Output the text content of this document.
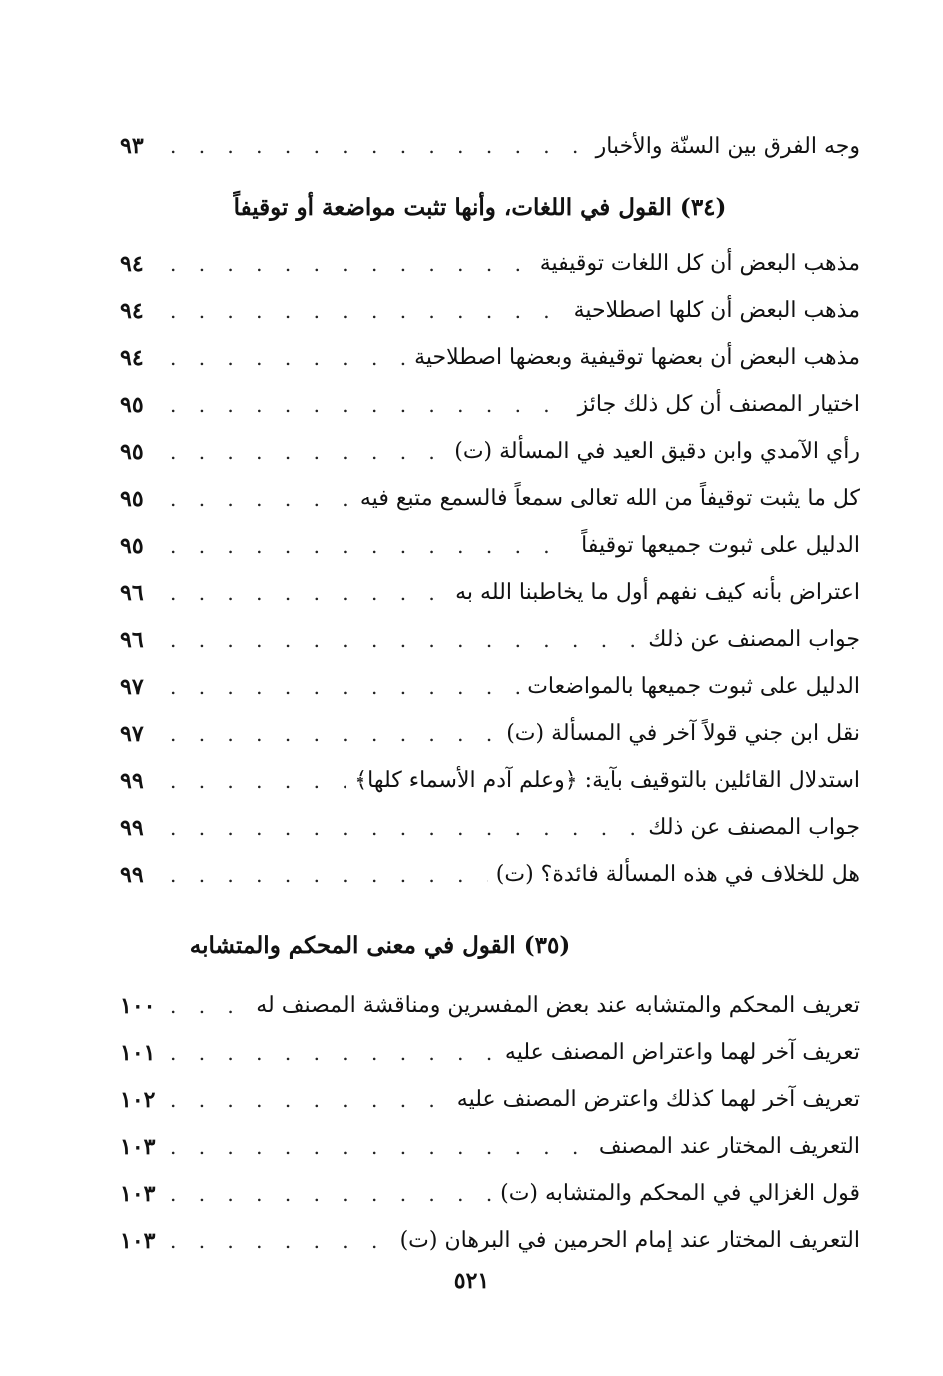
وجه الفرق بين السنّة والأخبار
. . .
٩٣
(٣٤) القول في اللغات، وأنها تثبت مواضعة أو توقيفاً
مذهب البعض أن كل اللغات توقيفية
. . .
٩٤
مذهب البعض أن كلها اصطلاحية
. . .
٩٤
مذهب البعض أن بعضها توقيفية وبعضها اصطلاحية
. . .
٩٤
اختيار المصنف أن كل ذلك جائز
. . .
٩٥
رأي الآمدي وابن دقيق العيد في المسألة (ت)
. . .
٩٥
كل ما يثبت توقيفاً من الله تعالى سمعاً فالسمع متبع فيه
. . .
٩٥
الدليل على ثبوت جميعها توقيفاً
. . .
٩٥
اعتراض بأنه كيف نفهم أول ما يخاطبنا الله به
. . .
٩٦
جواب المصنف عن ذلك
. . .
٩٦
الدليل على ثبوت جميعها بالمواضعات
. . .
٩٧
نقل ابن جني قولاً آخر في المسألة (ت)
. . .
٩٧
استدلال القائلين بالتوقيف بآية: ﴿وعلم آدم الأسماء كلها﴾
. . .
٩٩
جواب المصنف عن ذلك
. . .
٩٩
هل للخلاف في هذه المسألة فائدة؟ (ت)
. . .
٩٩
(٣٥) القول في معنى المحكم والمتشابه
تعريف المحكم والمتشابه عند بعض المفسرين ومناقشة المصنف له
. . .
١٠٠
تعريف آخر لهما واعتراض المصنف عليه
. . .
١٠١
تعريف آخر لهما كذلك واعترض المصنف عليه
. . .
١٠٢
التعريف المختار عند المصنف
. . .
١٠٣
قول الغزالي في المحكم والمتشابه (ت)
. . .
١٠٣
التعريف المختار عند إمام الحرمين في البرهان (ت)
. . .
١٠٣
٥٢١
